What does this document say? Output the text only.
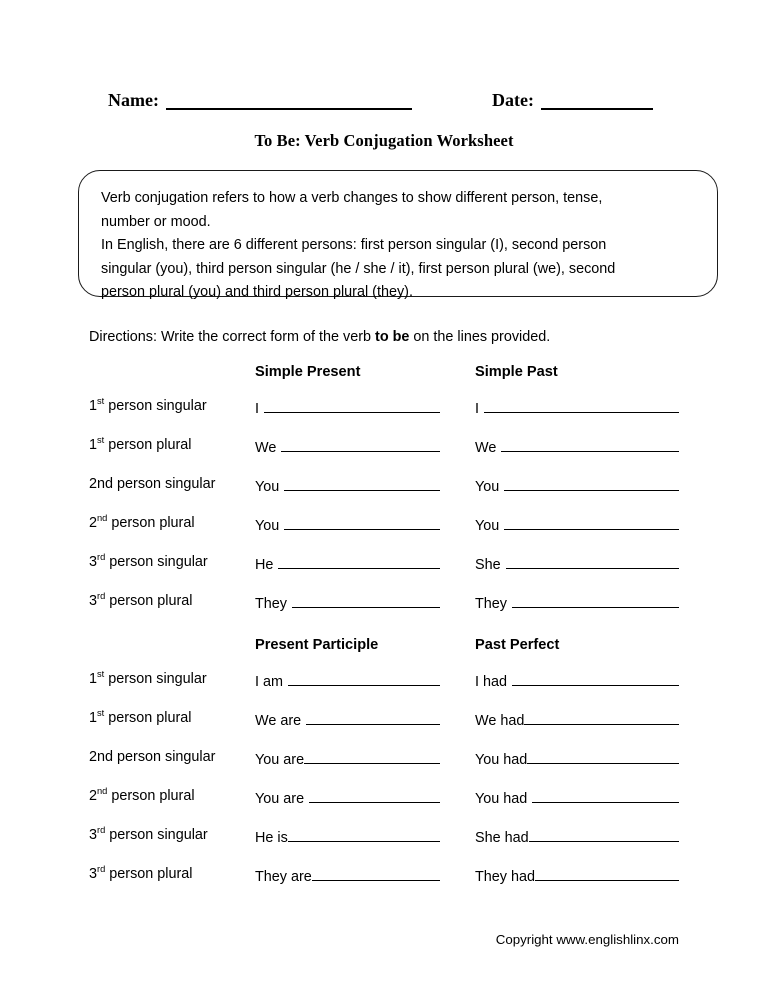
Name:	Date:
To Be: Verb Conjugation Worksheet
Verb conjugation refers to how a verb changes to show different person, tense,
number or mood.
In English, there are 6 different persons: first person singular (I), second person
singular (you), third person singular (he / she / it), first person plural (we), second
person plural (you) and third person plural (they).
Directions: Write the correct form of the verb to be on the lines provided.
Simple Present	Simple Past
1st person singular	I	I
1st person plural	We	We
2nd person singular	You	You
2nd person plural	You	You
3rd person singular	He	She
3rd person plural	They	They
Present Participle	Past Perfect
1st person singular	I am	I had
1st person plural	We are	We had
2nd person singular	You are	You had
2nd person plural	You are	You had
3rd person singular	He is	She had
3rd person plural	They are	They had
Copyright www.englishlinx.com
